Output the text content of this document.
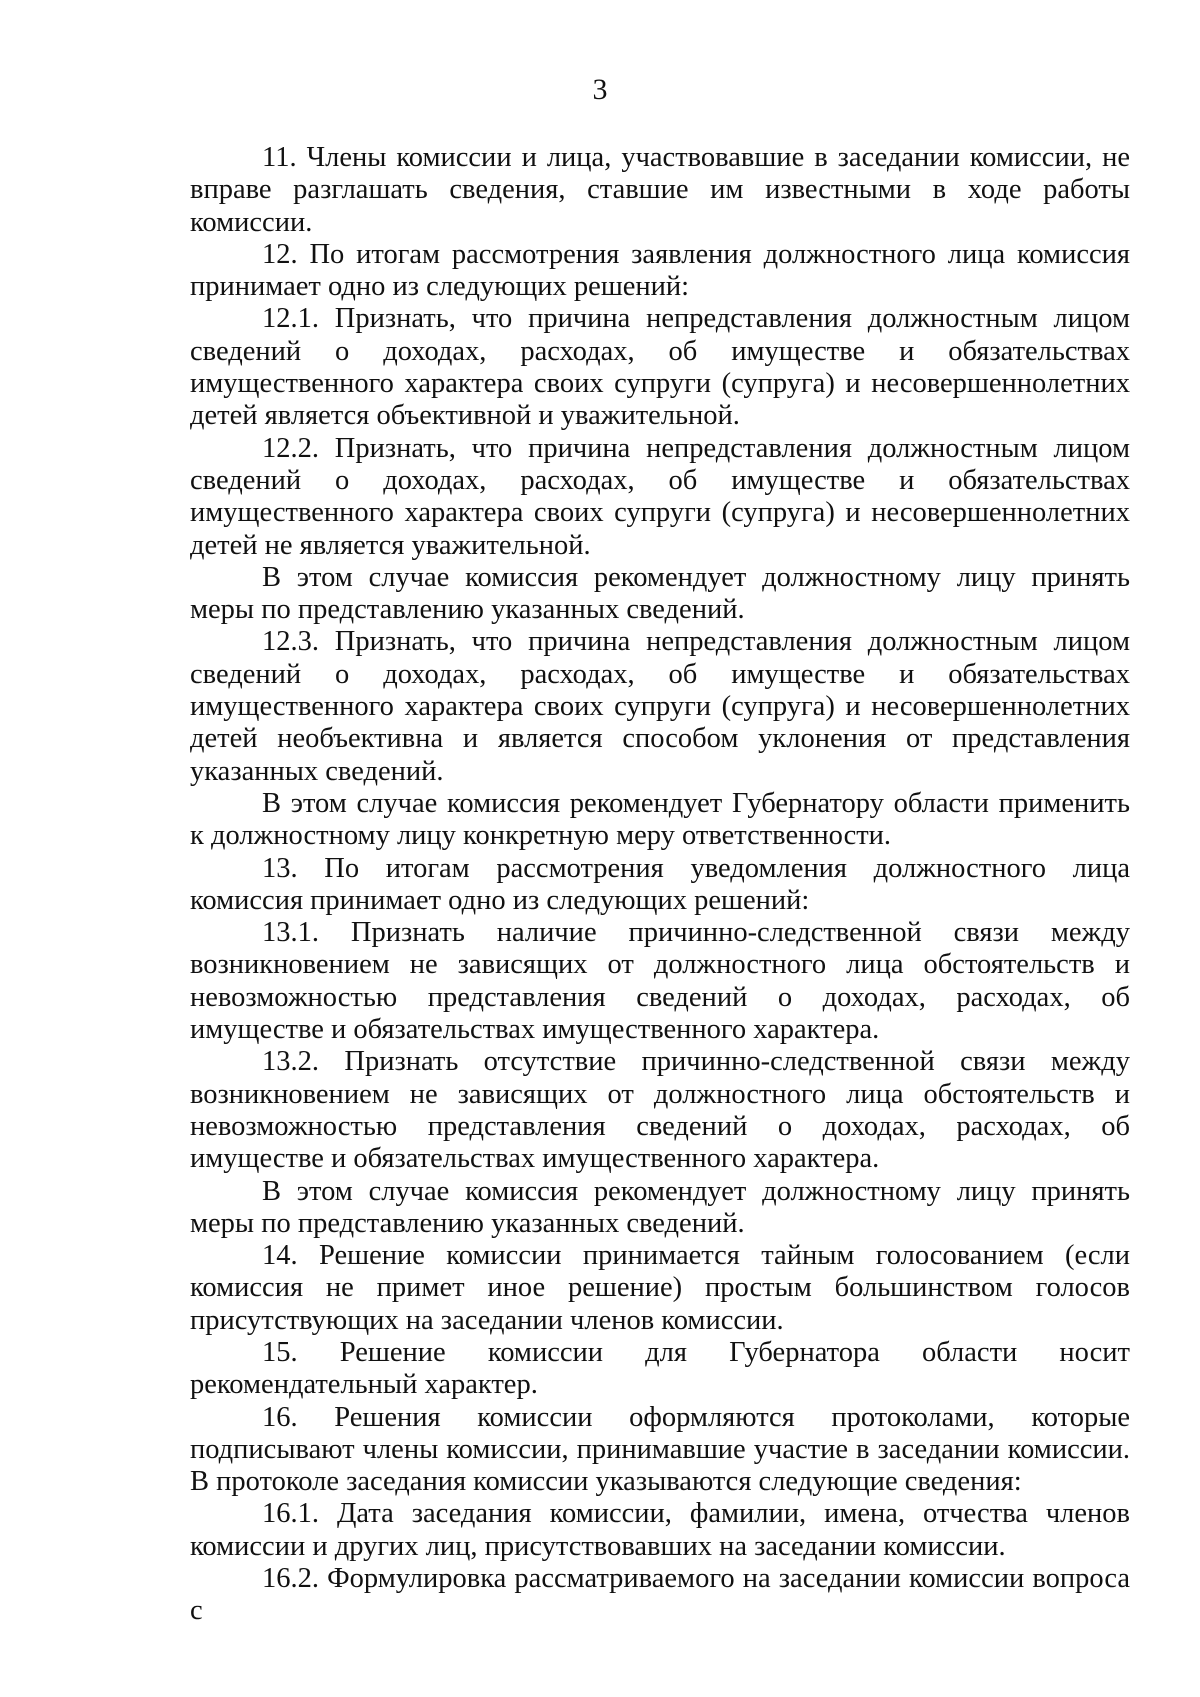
3

11. Члены комиссии и лица, участвовавшие в заседании комиссии, не вправе разглашать сведения, ставшие им известными в ходе работы комиссии.

12. По итогам рассмотрения заявления должностного лица комиссия принимает одно из следующих решений:

12.1. Признать, что причина непредставления должностным лицом сведений о доходах, расходах, об имуществе и обязательствах имущественного характера своих супруги (супруга) и несовершеннолетних детей является объективной и уважительной.

12.2. Признать, что причина непредставления должностным лицом сведений о доходах, расходах, об имуществе и обязательствах имущественного характера своих супруги (супруга) и несовершеннолетних детей не является уважительной.

В этом случае комиссия рекомендует должностному лицу принять меры по представлению указанных сведений.

12.3. Признать, что причина непредставления должностным лицом сведений о доходах, расходах, об имуществе и обязательствах имущественного характера своих супруги (супруга) и несовершеннолетних детей необъективна и является способом уклонения от представления указанных сведений.

В этом случае комиссия рекомендует Губернатору области применить к должностному лицу конкретную меру ответственности.

13. По итогам рассмотрения уведомления должностного лица комиссия принимает одно из следующих решений:

13.1. Признать наличие причинно-следственной связи между возникновением не зависящих от должностного лица обстоятельств и невозможностью представления сведений о доходах, расходах, об имуществе и обязательствах имущественного характера.

13.2. Признать отсутствие причинно-следственной связи между возникновением не зависящих от должностного лица обстоятельств и невозможностью представления сведений о доходах, расходах, об имуществе и обязательствах имущественного характера.

В этом случае комиссия рекомендует должностному лицу принять меры по представлению указанных сведений.

14. Решение комиссии принимается тайным голосованием (если комиссия не примет иное решение) простым большинством голосов присутствующих на заседании членов комиссии.

15. Решение комиссии для Губернатора области носит рекомендательный характер.

16. Решения комиссии оформляются протоколами, которые подписывают члены комиссии, принимавшие участие в заседании комиссии. В протоколе заседания комиссии указываются следующие сведения:

16.1. Дата заседания комиссии, фамилии, имена, отчества членов комиссии и других лиц, присутствовавших на заседании комиссии.

16.2. Формулировка рассматриваемого на заседании комиссии вопроса с
